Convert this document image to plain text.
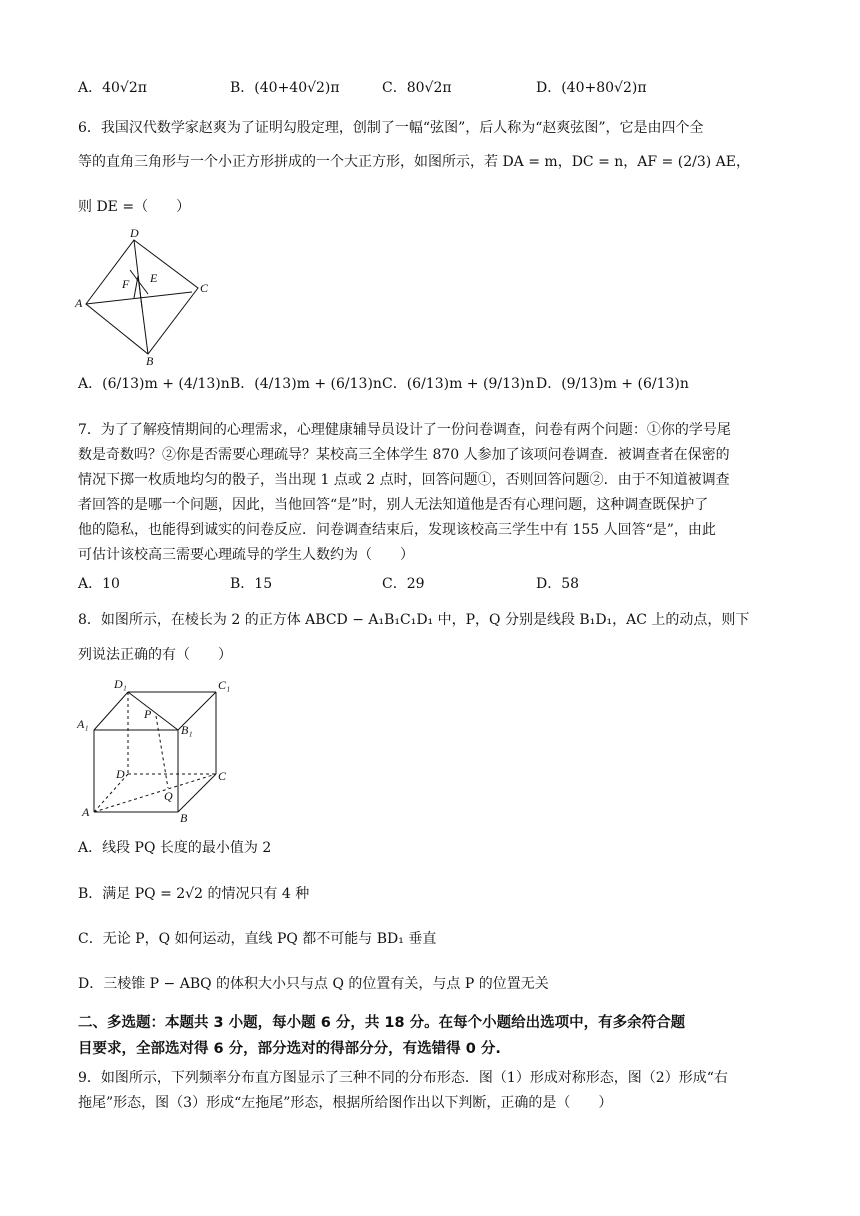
A．40√2π	B．(40+40√2)π	C．80√2π	D．(40+80√2)π
6．我国汉代数学家赵爽为了证明勾股定理，创制了一幅“弦图”，后人称为“赵爽弦图”，它是由四个全
等的直角三角形与一个小正方形拼成的一个大正方形，如图所示，若 DA = m，DC = n，AF = (2/3) AE，
则 DE =（　　）
D
A
C
B
E
F
A．(6/13)m + (4/13)n B．(4/13)m + (6/13)n C．(6/13)m + (9/13)n D．(9/13)m + (6/13)n
7．为了了解疫情期间的心理需求，心理健康辅导员设计了一份问卷调查，问卷有两个问题：①你的学号尾
数是奇数吗？②你是否需要心理疏导？某校高三全体学生 870 人参加了该项问卷调查．被调查者在保密的
情况下掷一枚质地均匀的骰子，当出现 1 点或 2 点时，回答问题①，否则回答问题②．由于不知道被调查
者回答的是哪一个问题，因此，当他回答“是”时，别人无法知道他是否有心理问题，这种调查既保护了
他的隐私，也能得到诚实的问卷反应．问卷调查结束后，发现该校高三学生中有 155 人回答“是”，由此
可估计该校高三需要心理疏导的学生人数约为（　　）
A．10	B．15	C．29	D．58
8．如图所示，在棱长为 2 的正方体 ABCD − A₁B₁C₁D₁ 中，P，Q 分别是线段 B₁D₁，AC 上的动点，则下
列说法正确的有（　　）
D₁	C₁
A₁	B₁
P
D	C
Q
A	B
A．线段 PQ 长度的最小值为 2
B．满足 PQ = 2√2 的情况只有 4 种
C．无论 P，Q 如何运动，直线 PQ 都不可能与 BD₁ 垂直
D．三棱锥 P − ABQ 的体积大小只与点 Q 的位置有关，与点 P 的位置无关
二、多选题：本题共 3 小题，每小题 6 分，共 18 分。在每个小题给出选项中，有多余符合题
目要求，全部选对得 6 分，部分选对的得部分分，有选错得 0 分.
9．如图所示，下列频率分布直方图显示了三种不同的分布形态．图（1）形成对称形态，图（2）形成“右
拖尾”形态，图（3）形成“左拖尾”形态，根据所给图作出以下判断，正确的是（　　）
